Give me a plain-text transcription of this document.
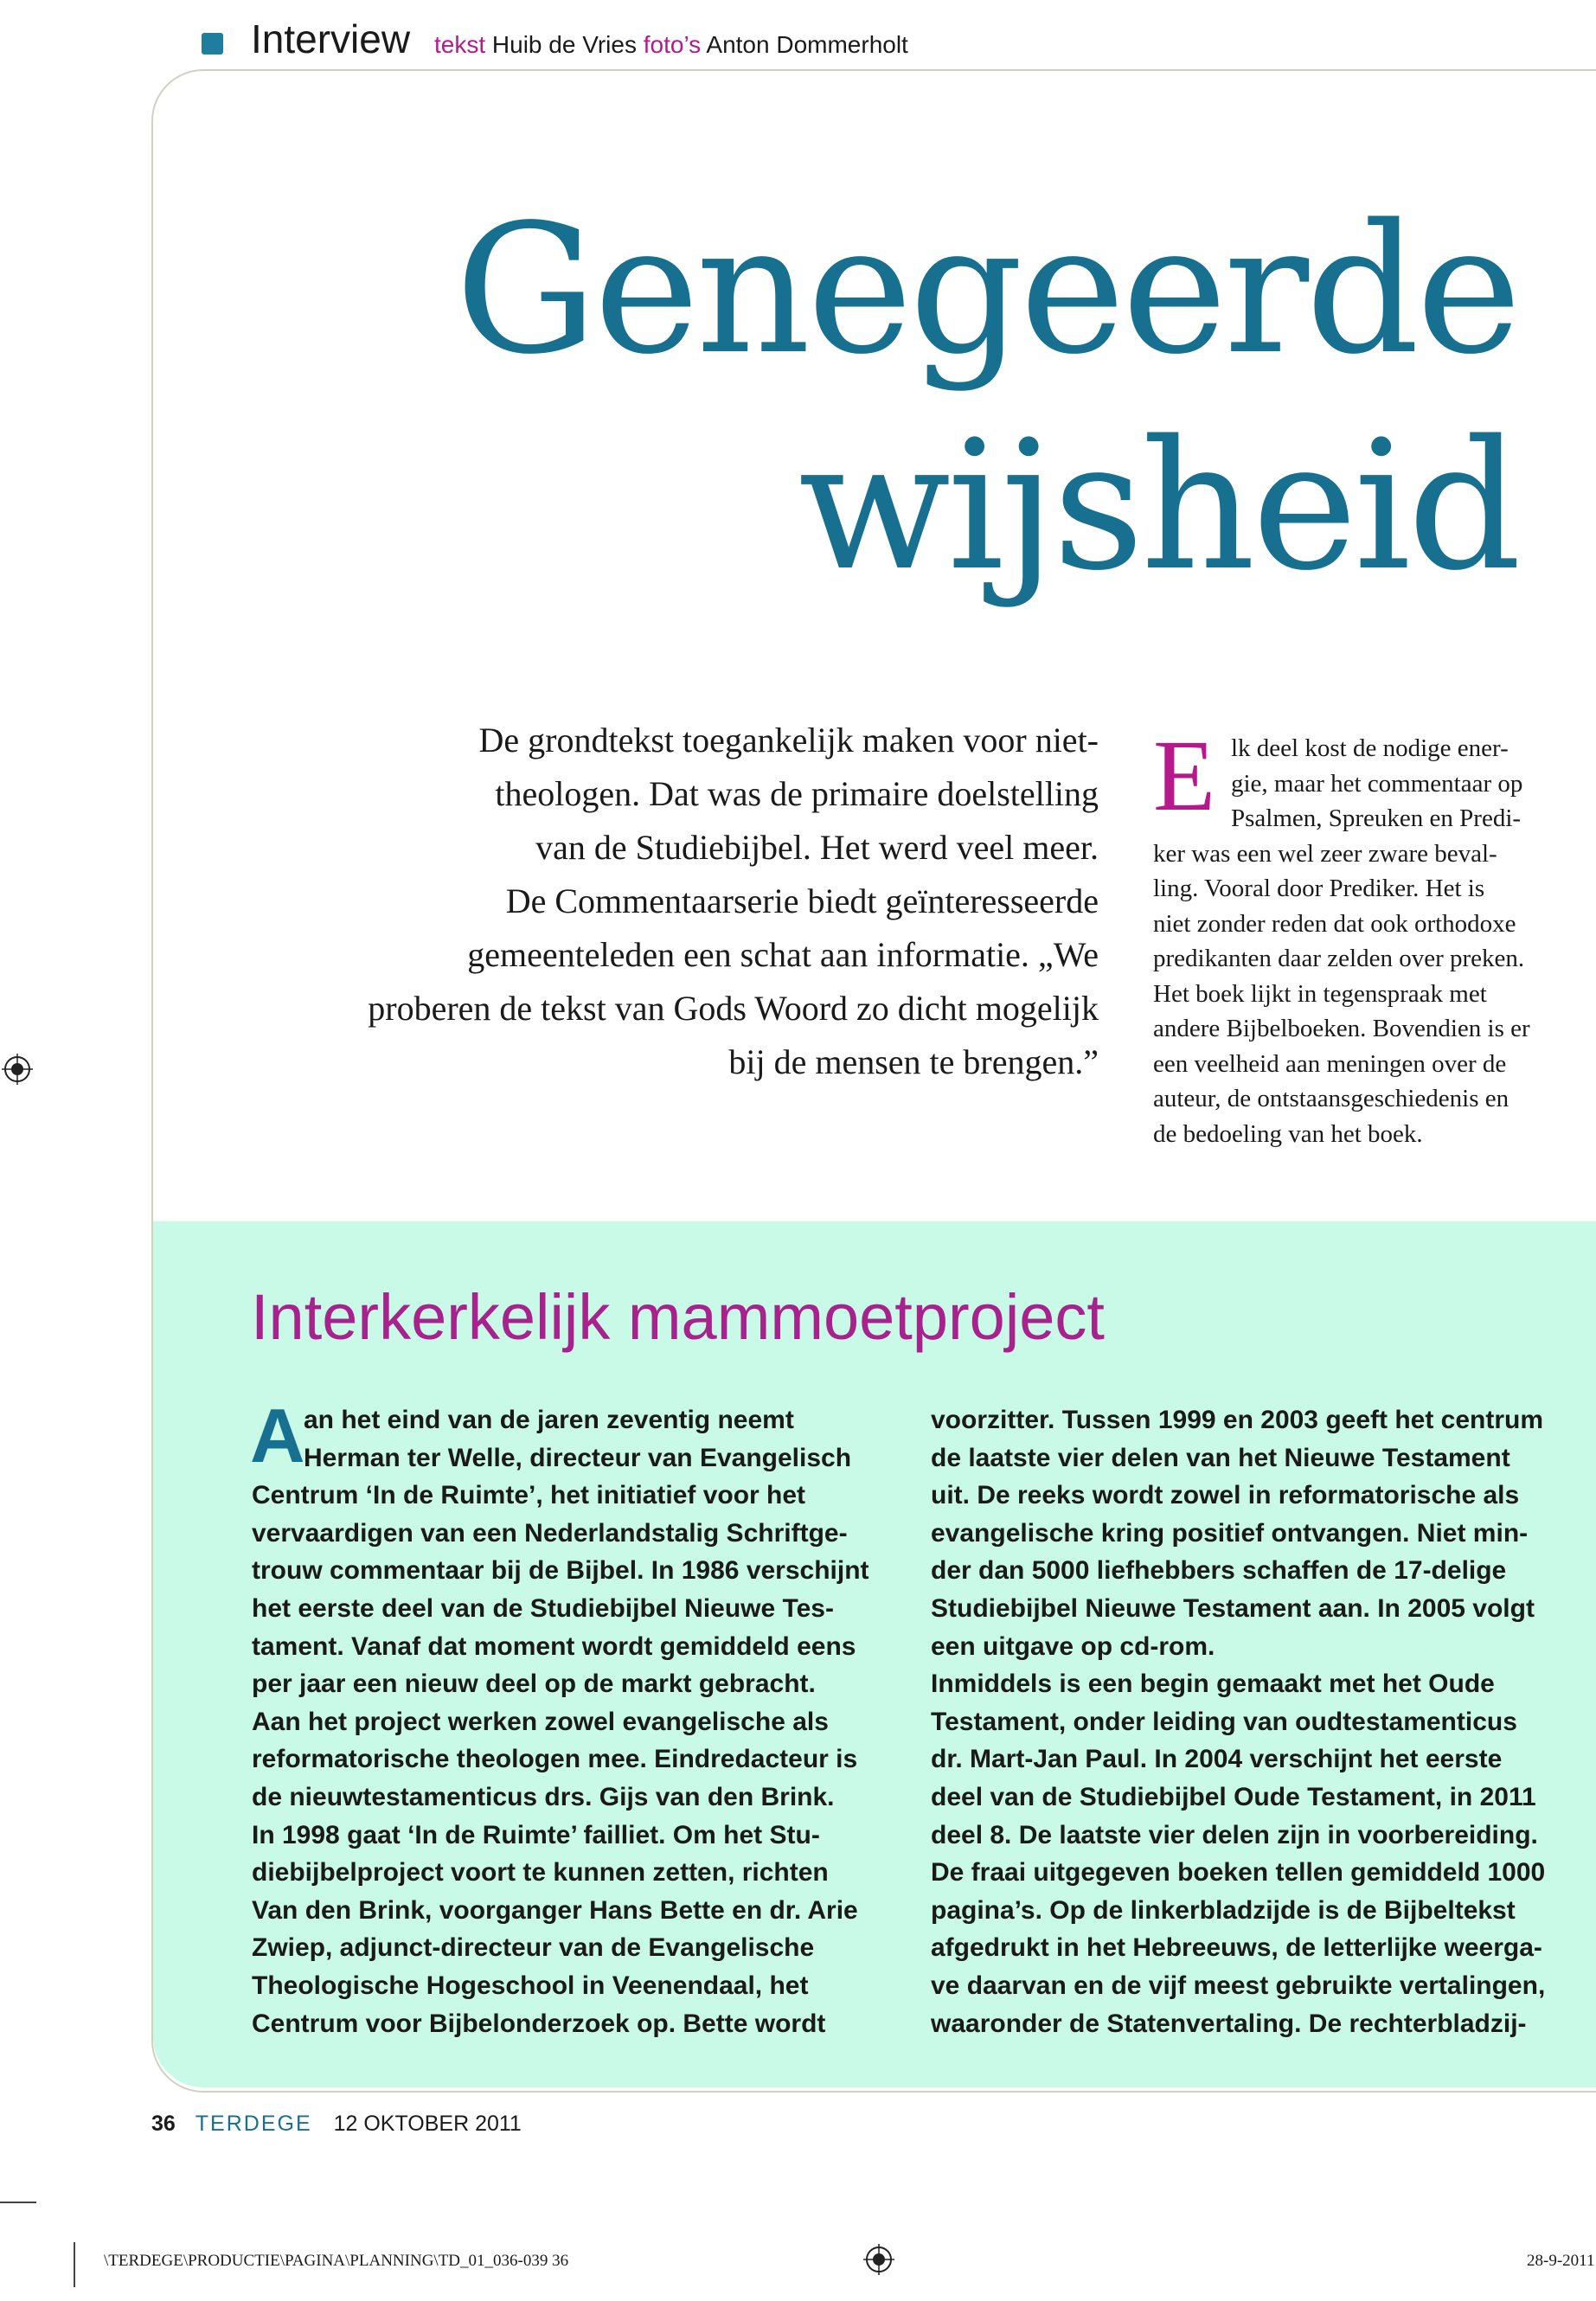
Interview tekst Huib de Vries foto’s Anton Dommerholt
Genegeerde
wijsheid
De grondtekst toegankelijk maken voor niet-
theologen. Dat was de primaire doelstelling
van de Studiebijbel. Het werd veel meer.
De Commentaarserie biedt geïnteresseerde
gemeenteleden een schat aan informatie. „We
proberen de tekst van Gods Woord zo dicht mogelijk
bij de mensen te brengen.”
E lk deel kost de nodige ener-
gie, maar het commentaar op
Psalmen, Spreuken en Predi-
ker was een wel zeer zware beval-
ling. Vooral door Prediker. Het is
niet zonder reden dat ook orthodoxe
predikanten daar zelden over preken.
Het boek lijkt in tegenspraak met
andere Bijbelboeken. Bovendien is er
een veelheid aan meningen over de
auteur, de ontstaansgeschiedenis en
de bedoeling van het boek.
Interkerkelijk mammoetproject
A
an het eind van de jaren zeventig neemt
Herman ter Welle, directeur van Evangelisch
Centrum ‘In de Ruimte’, het initiatief voor het
vervaardigen van een Nederlandstalig Schriftge-
trouw commentaar bij de Bijbel. In 1986 verschijnt
het eerste deel van de Studiebijbel Nieuwe Tes-
tament. Vanaf dat moment wordt gemiddeld eens
per jaar een nieuw deel op de markt gebracht.
Aan het project werken zowel evangelische als
reformatorische theologen mee. Eindredacteur is
de nieuwtestamenticus drs. Gijs van den Brink.
In 1998 gaat ‘In de Ruimte’ failliet. Om het Stu-
diebijbelproject voort te kunnen zetten, richten
Van den Brink, voorganger Hans Bette en dr. Arie
Zwiep, adjunct-directeur van de Evangelische
Theologische Hogeschool in Veenendaal, het
Centrum voor Bijbelonderzoek op. Bette wordt
voorzitter. Tussen 1999 en 2003 geeft het centrum
de laatste vier delen van het Nieuwe Testament
uit. De reeks wordt zowel in reformatorische als
evangelische kring positief ontvangen. Niet min-
der dan 5000 liefhebbers schaffen de 17-delige
Studiebijbel Nieuwe Testament aan. In 2005 volgt
een uitgave op cd-rom.
Inmiddels is een begin gemaakt met het Oude
Testament, onder leiding van oudtestamenticus
dr. Mart-Jan Paul. In 2004 verschijnt het eerste
deel van de Studiebijbel Oude Testament, in 2011
deel 8. De laatste vier delen zijn in voorbereiding.
De fraai uitgegeven boeken tellen gemiddeld 1000
pagina’s. Op de linkerbladzijde is de Bijbeltekst
afgedrukt in het Hebreeuws, de letterlijke weerga-
ve daarvan en de vijf meest gebruikte vertalingen,
waaronder de Statenvertaling. De rechterbladzij-
36 TERDEGE 12 OKTOBER 2011
\TERDEGE\PRODUCTIE\PAGINA\PLANNING\TD_01_036-039 36	28-9-2011
